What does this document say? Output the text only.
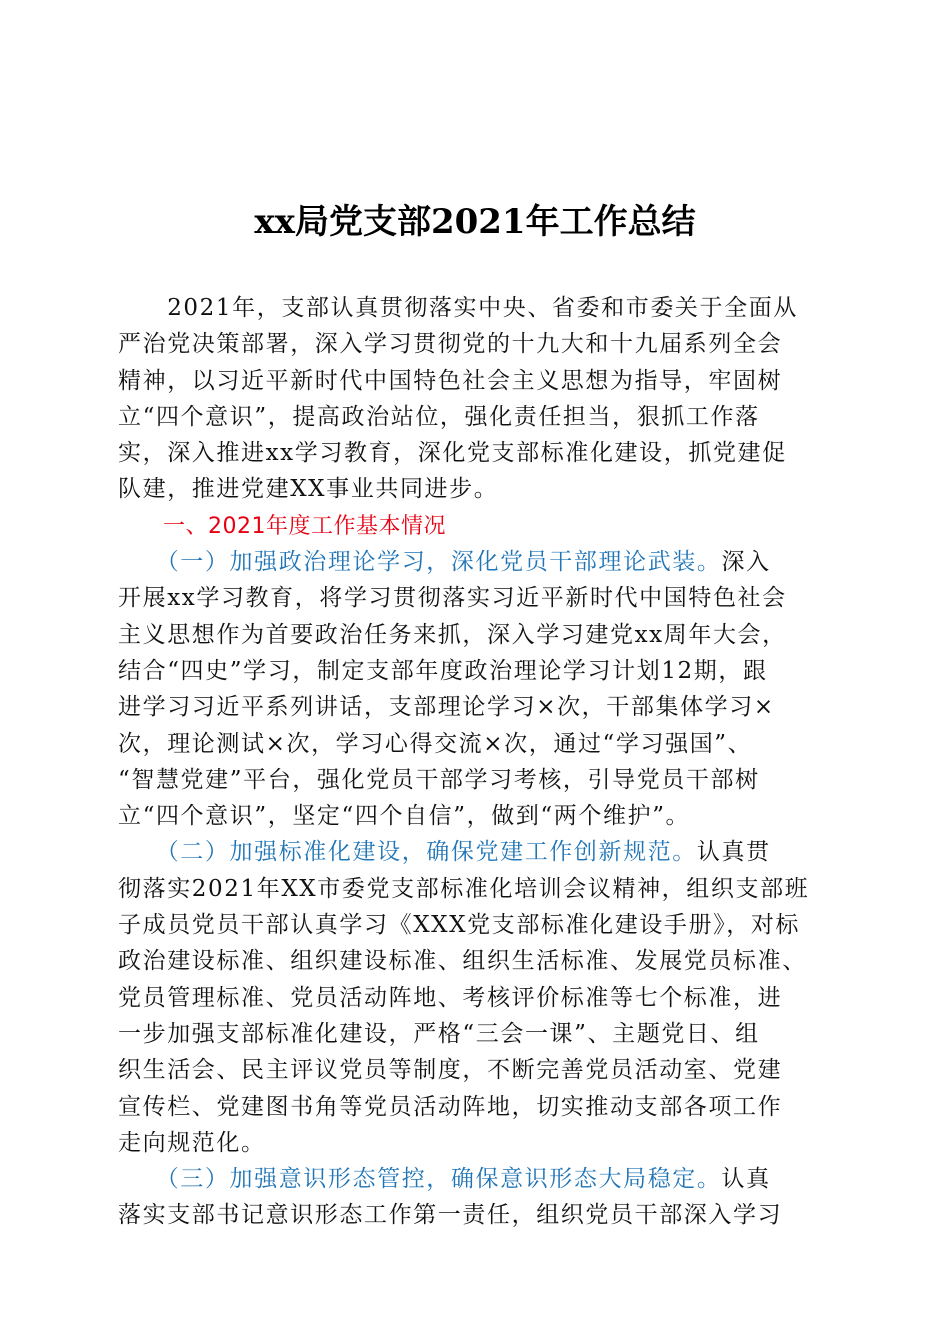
xx局党支部2021年工作总结
　　2021年，支部认真贯彻落实中央、省委和市委关于全面从
严治党决策部署，深入学习贯彻党的十九大和十九届系列全会
精神，以习近平新时代中国特色社会主义思想为指导，牢固树
立“四个意识”，提高政治站位，强化责任担当，狠抓工作落
实，深入推进xx学习教育，深化党支部标准化建设，抓党建促
队建，推进党建XX事业共同进步。
　　一、2021年度工作基本情况
　　（一）加强政治理论学习，深化党员干部理论武装。深入
开展xx学习教育，将学习贯彻落实习近平新时代中国特色社会
主义思想作为首要政治任务来抓，深入学习建党xx周年大会，
结合“四史”学习，制定支部年度政治理论学习计划12期，跟
进学习习近平系列讲话，支部理论学习×次，干部集体学习×
次，理论测试×次，学习心得交流×次，通过“学习强国”、
“智慧党建”平台，强化党员干部学习考核，引导党员干部树
立“四个意识”，坚定“四个自信”，做到“两个维护”。
　　（二）加强标准化建设，确保党建工作创新规范。认真贯
彻落实2021年XX市委党支部标准化培训会议精神，组织支部班
子成员党员干部认真学习《XXX党支部标准化建设手册》，对标
政治建设标准、组织建设标准、组织生活标准、发展党员标准、
党员管理标准、党员活动阵地、考核评价标准等七个标准，进
一步加强支部标准化建设，严格“三会一课”、主题党日、组
织生活会、民主评议党员等制度，不断完善党员活动室、党建
宣传栏、党建图书角等党员活动阵地，切实推动支部各项工作
走向规范化。
　　（三）加强意识形态管控，确保意识形态大局稳定。认真
落实支部书记意识形态工作第一责任，组织党员干部深入学习
